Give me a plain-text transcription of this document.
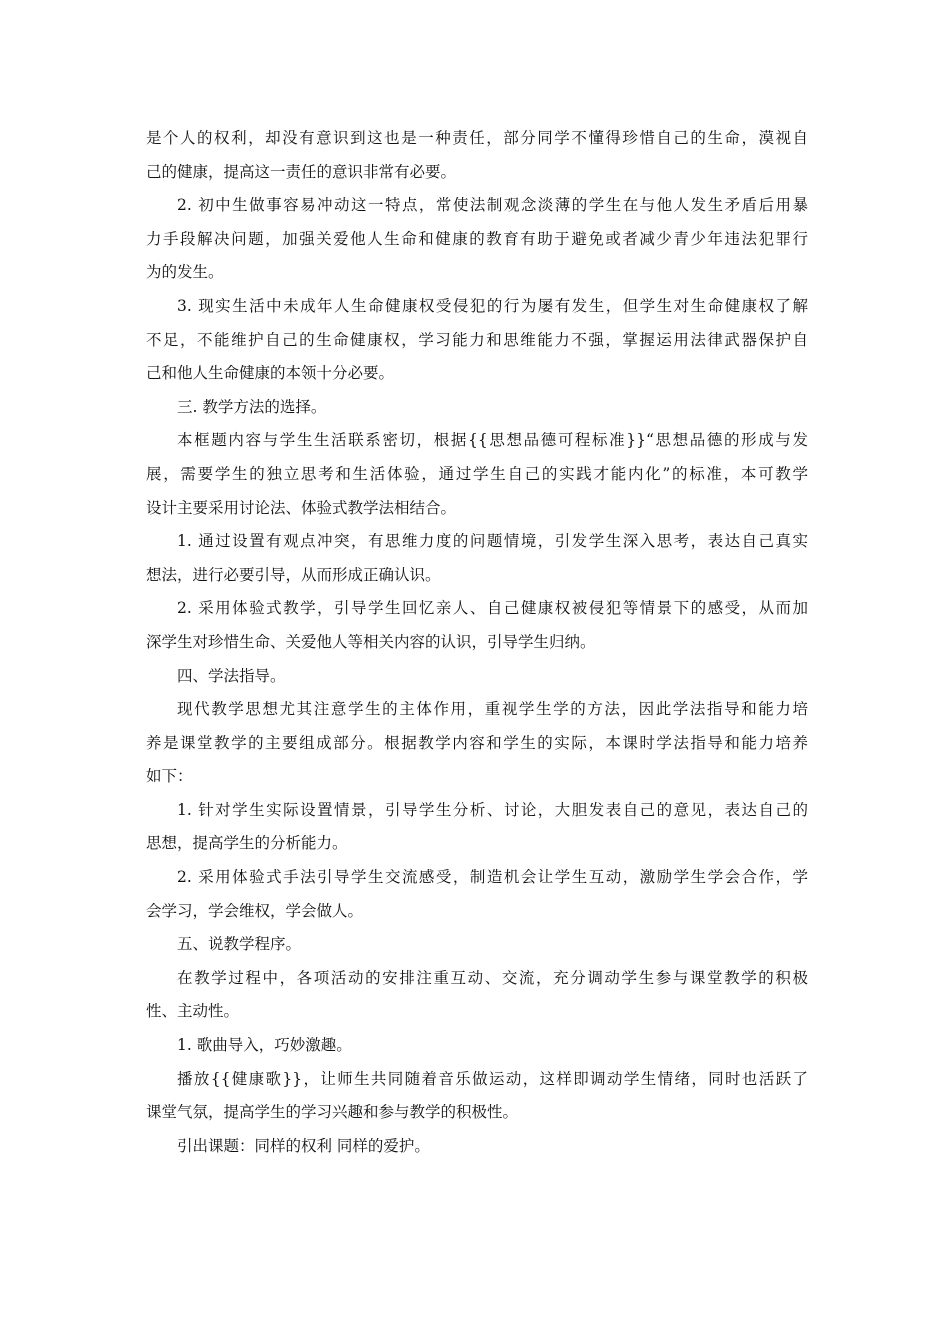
是个人的权利，却没有意识到这也是一种责任，部分同学不懂得珍惜自己的生命，漠视自
己的健康，提高这一责任的意识非常有必要。
2. 初中生做事容易冲动这一特点，常使法制观念淡薄的学生在与他人发生矛盾后用暴
力手段解决问题，加强关爱他人生命和健康的教育有助于避免或者减少青少年违法犯罪行
为的发生。
3. 现实生活中未成年人生命健康权受侵犯的行为屡有发生，但学生对生命健康权了解
不足，不能维护自己的生命健康权，学习能力和思维能力不强，掌握运用法律武器保护自
己和他人生命健康的本领十分必要。
三. 教学方法的选择。
本框题内容与学生生活联系密切，根据{{思想品德可程标准}}“思想品德的形成与发
展，需要学生的独立思考和生活体验，通过学生自己的实践才能内化”的标准，本可教学
设计主要采用讨论法、体验式教学法相结合。
1. 通过设置有观点冲突，有思维力度的问题情境，引发学生深入思考，表达自己真实
想法，进行必要引导，从而形成正确认识。
2. 采用体验式教学，引导学生回忆亲人、自己健康权被侵犯等情景下的感受，从而加
深学生对珍惜生命、关爱他人等相关内容的认识，引导学生归纳。
四、学法指导。
现代教学思想尤其注意学生的主体作用，重视学生学的方法，因此学法指导和能力培
养是课堂教学的主要组成部分。根据教学内容和学生的实际，本课时学法指导和能力培养
如下：
1. 针对学生实际设置情景，引导学生分析、讨论，大胆发表自己的意见，表达自己的
思想，提高学生的分析能力。
2. 采用体验式手法引导学生交流感受，制造机会让学生互动，激励学生学会合作，学
会学习，学会维权，学会做人。
五、说教学程序。
在教学过程中，各项活动的安排注重互动、交流，充分调动学生参与课堂教学的积极
性、主动性。
1. 歌曲导入，巧妙激趣。
播放{{健康歌}}，让师生共同随着音乐做运动，这样即调动学生情绪，同时也活跃了
课堂气氛，提高学生的学习兴趣和参与教学的积极性。
引出课题：同样的权利 同样的爱护。
